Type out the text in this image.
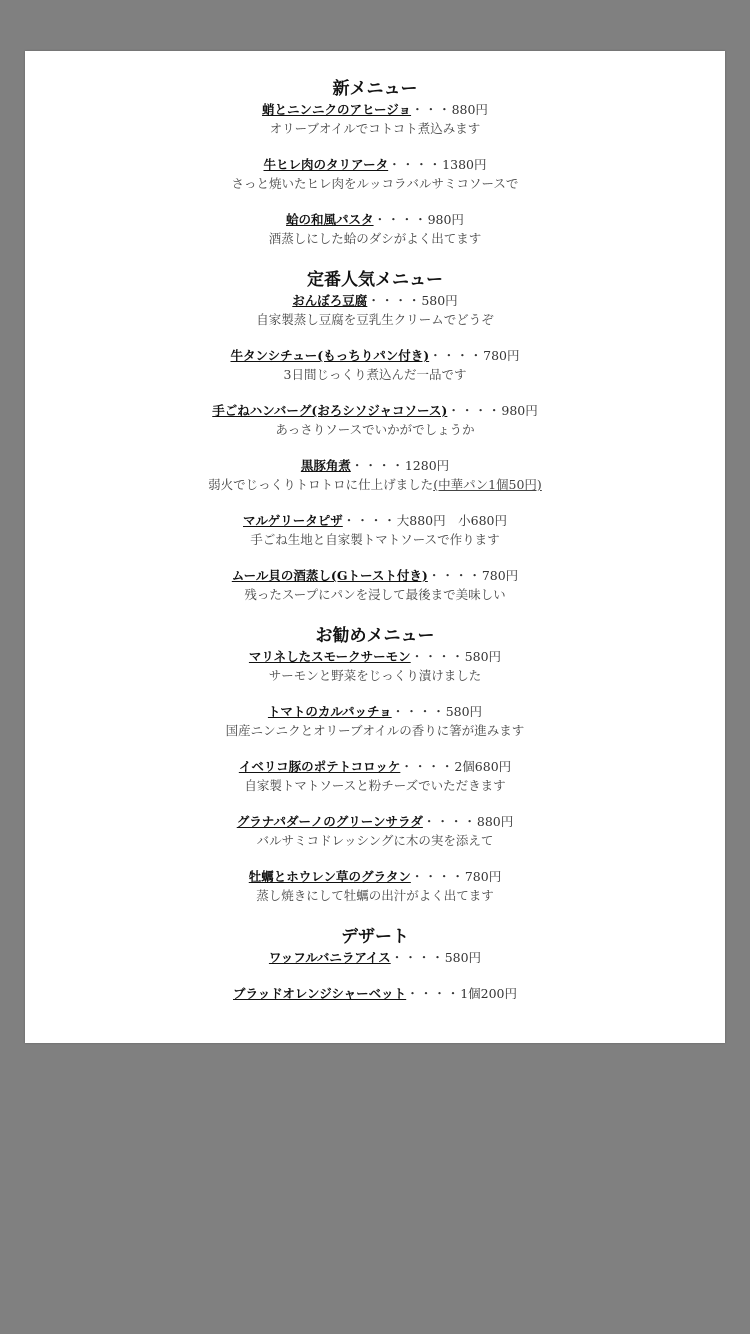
新メニュー
蛸とニンニクのアヒージョ・・・880円
オリーブオイルでコトコト煮込みます
牛ヒレ肉のタリアータ・・・・1380円
さっと焼いたヒレ肉をルッコラバルサミコソースで
蛤の和風パスタ・・・・980円
酒蒸しにした蛤のダシがよく出てます
定番人気メニュー
おんぼろ豆腐・・・・580円
自家製蒸し豆腐を豆乳生クリームでどうぞ
牛タンシチュー(もっちりパン付き)・・・・780円
3日間じっくり煮込んだ一品です
手ごねハンバーグ(おろシソジャコソース)・・・・980円
あっさりソースでいかがでしょうか
黒豚角煮・・・・1280円
弱火でじっくりトロトロに仕上げました(中華パン1個50円)
マルゲリータピザ・・・・大880円　小680円
手ごね生地と自家製トマトソースで作ります
ムール貝の酒蒸し(Gトースト付き)・・・・780円
残ったスープにパンを浸して最後まで美味しい
お勧めメニュー
マリネしたスモークサーモン・・・・580円
サーモンと野菜をじっくり漬けました
トマトのカルパッチョ・・・・580円
国産ニンニクとオリーブオイルの香りに箸が進みます
イベリコ豚のポテトコロッケ・・・・2個680円
自家製トマトソースと粉チーズでいただきます
グラナパダーノのグリーンサラダ・・・・880円
バルサミコドレッシングに木の実を添えて
牡蠣とホウレン草のグラタン・・・・780円
蒸し焼きにして牡蠣の出汁がよく出てます
デザート
ワッフルバニラアイス・・・・580円
ブラッドオレンジシャーベット・・・・1個200円
